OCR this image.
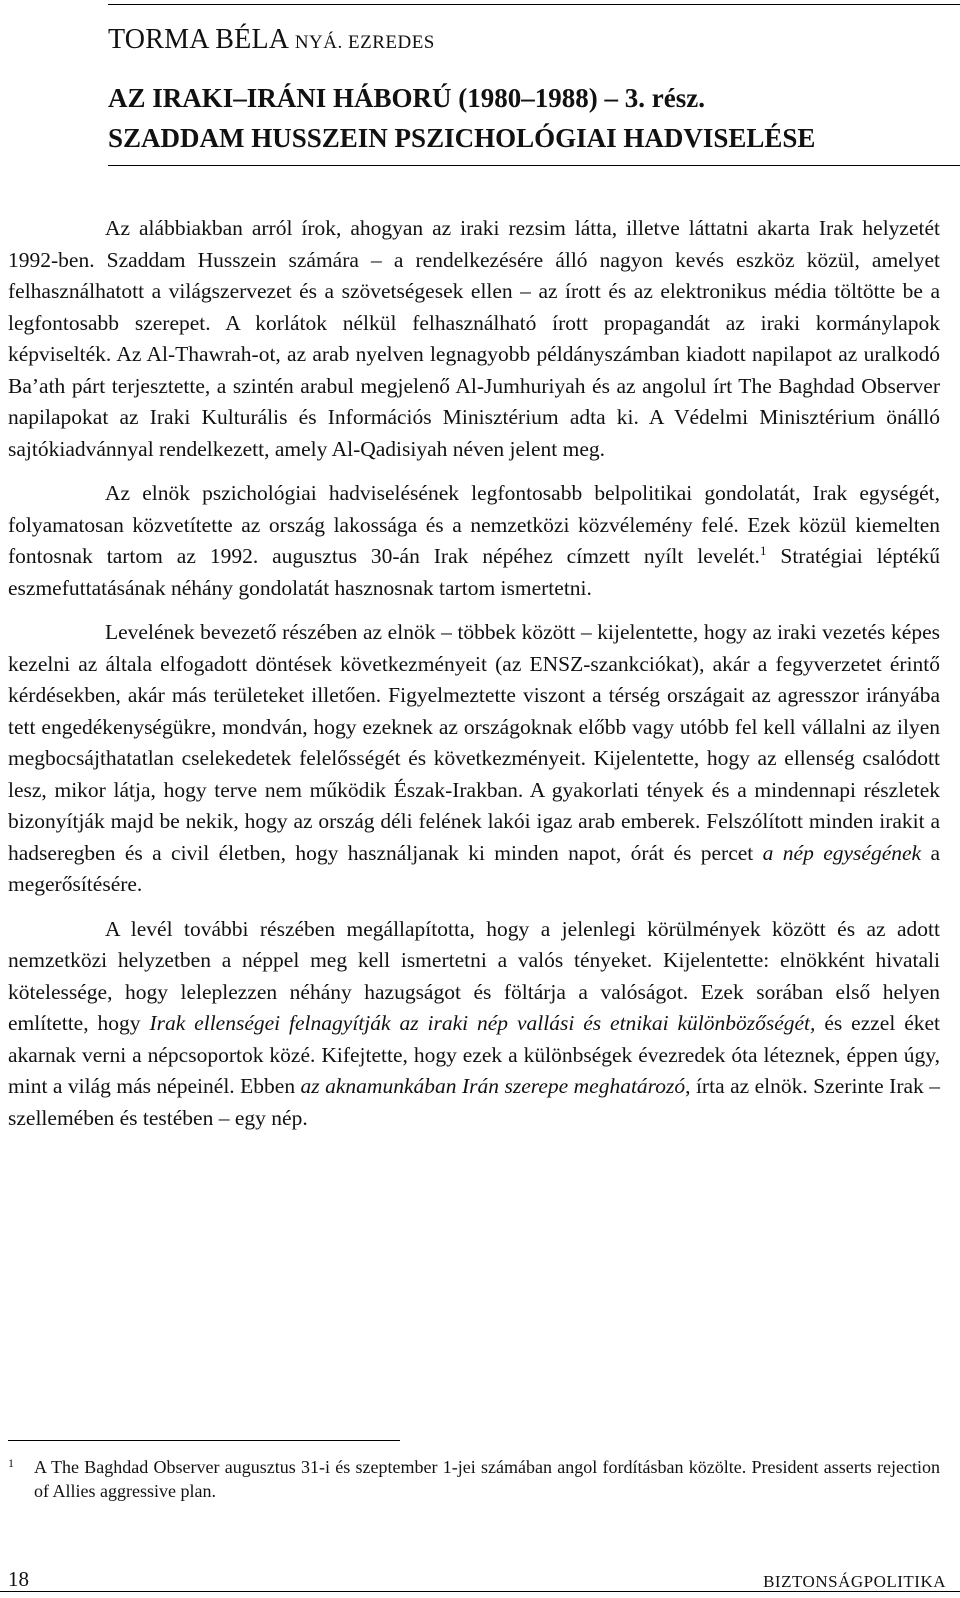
TORMA BÉLA NYÁ. EZREDES
AZ IRAKI–IRÁNI HÁBORÚ (1980–1988) – 3. rész.
SZADDAM HUSSZEIN PSZICHOLÓGIAI HADVISELÉSE

Az alábbiakban arról írok, ahogyan az iraki rezsim látta, illetve láttatni akarta Irak helyzetét 1992-ben. Szaddam Husszein számára – a rendelkezésére álló nagyon kevés eszköz közül, amelyet felhasználhatott a világszervezet és a szövetségesek ellen – az írott és az elektronikus média töltötte be a legfontosabb szerepet. A korlátok nélkül felhasználható írott propagandát az iraki kormánylapok képviselték. Az Al-Thawrah-ot, az arab nyelven legnagyobb példányszámban kiadott napilapot az uralkodó Ba’ath párt terjesztette, a szintén arabul megjelenő Al-Jumhuriyah és az angolul írt The Baghdad Observer napilapokat az Iraki Kulturális és Információs Minisztérium adta ki. A Védelmi Minisztérium önálló sajtókiadvánnyal rendelkezett, amely Al-Qadisiyah néven jelent meg.

Az elnök pszichológiai hadviselésének legfontosabb belpolitikai gondolatát, Irak egységét, folyamatosan közvetítette az ország lakossága és a nemzetközi közvélemény felé. Ezek közül kiemelten fontosnak tartom az 1992. augusztus 30-án Irak népéhez címzett nyílt levelét.$^1$ Stratégiai léptékű eszmefuttatásának néhány gondolatát hasznosnak tartom ismertetni.

Levelének bevezető részében az elnök – többek között – kijelentette, hogy az iraki vezetés képes kezelni az általa elfogadott döntések következményeit (az ENSZ-szankciókat), akár a fegyverzetet érintő kérdésekben, akár más területeket illetően. Figyelmeztette viszont a térség országait az agresszor irányába tett engedékenységükre, mondván, hogy ezeknek az országoknak előbb vagy utóbb fel kell vállalni az ilyen megbocsájthatatlan cselekedetek felelősségét és következményeit. Kijelentette, hogy az ellenség csalódott lesz, mikor látja, hogy terve nem működik Észak-Irakban. A gyakorlati tények és a mindennapi részletek bizonyítják majd be nekik, hogy az ország déli felének lakói igaz arab emberek. Felszólított minden irakit a hadseregben és a civil életben, hogy használjanak ki minden napot, órát és percet a nép egységének a megerősítésére.

A levél további részében megállapította, hogy a jelenlegi körülmények között és az adott nemzetközi helyzetben a néppel meg kell ismertetni a valós tényeket. Kijelentette: elnökként hivatali kötelessége, hogy leleplezzen néhány hazugságot és föltárja a valóságot. Ezek sorában első helyen említette, hogy Irak ellenségei felnagyítják az iraki nép vallási és etnikai különbözőségét, és ezzel éket akarnak verni a népcsoportok közé. Kifejtette, hogy ezek a különbségek évezredek óta léteznek, éppen úgy, mint a világ más népeinél. Ebben az aknamunkában Irán szerepe meghatározó, írta az elnök. Szerinte Irak – szellemében és testében – egy nép.

1 A The Baghdad Observer augusztus 31-i és szeptember 1-jei számában angol fordításban közölte. President asserts rejection of Allies aggressive plan.
18	BIZTONSÁGPOLITIKA
